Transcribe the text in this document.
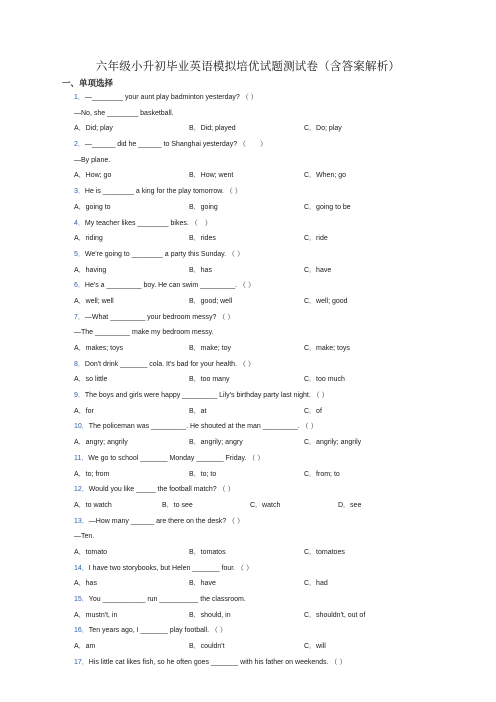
六年级小升初毕业英语模拟培优试题测试卷（含答案解析）
一、单项选择
1．—________ your aunt play badminton yesterday? （ ）
—No, she ________ basketball.
A．Did; play	B．Did; played	C．Do; play
2．—______ did he ______ to Shanghai yesterday? （　　）
—By plane.
A．How; go	B．How; went	C．When; go
3．He is ________ a king for the play tomorrow. （ ）
A．going to	B．going	C．going to be
4．My teacher likes ________ bikes. （　）
A．riding	B．rides	C．ride
5．We're going to ________ a party this Sunday. （ ）
A．having	B．has	C．have
6．He's a _________ boy. He can swim _________. （ ）
A．well; well	B．good; well	C．well; good
7．—What _________ your bedroom messy? （ ）
—The _________ make my bedroom messy.
A．makes; toys	B．make; toy	C．make; toys
8．Don't drink _______ cola. It's bad for your health. （ ）
A．so little	B．too many	C．too much
9．The boys and girls were happy _________ Lily's birthday party last night. （ ）
A．for	B．at	C．of
10．The policeman was _________. He shouted at the man _________. （ ）
A．angry; angrily	B．angrily; angry	C．angrily; angrily
11．We go to school _______ Monday _______ Friday. （ ）
A．to; from	B．to; to	C．from; to
12．Would you like _____ the football match? （ ）
A．to watch	B．to see	C．watch	D．see
13．—How many ______ are there on the desk? （ ）
—Ten.
A．tomato	B．tomatos	C．tomatoes
14．I have two storybooks, but Helen _______ four. （ ）
A．has	B．have	C．had
15．You ___________ run __________ the classroom.
A．mustn't, in	B．should, in	C．shouldn't, out of
16．Ten years ago, I _______ play football. （ ）
A．am	B．couldn't	C．will
17．His little cat likes fish, so he often goes _______ with his father on weekends. （ ）
